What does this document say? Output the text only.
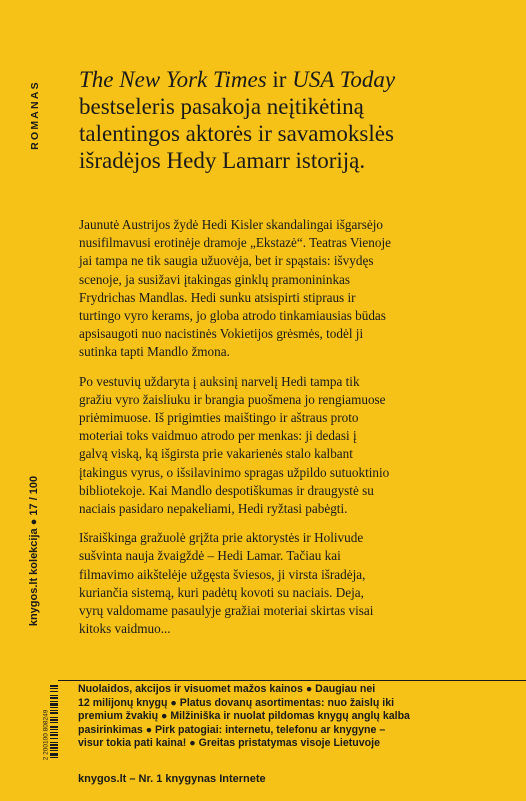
ROMANAS
knygos.lt kolekcija ● 17 / 100
The New York Times ir USA Today
bestseleris pasakoja neįtikėtiną
talentingos aktorės ir savamokslės
išradėjos Hedy Lamarr istoriją.

Jaunutė Austrijos žydė Hedi Kisler skandalingai išgarsėjo
nusifilmavusi erotinėje dramoje „Ekstazė“. Teatras Vienoje
jai tampa ne tik saugia užuovėja, bet ir spąstais: išvydęs
scenoje, ja susižavi įtakingas ginklų pramonininkas
Frydrichas Mandlas. Hedi sunku atsispirti stipraus ir
turtingo vyro kerams, jo globa atrodo tinkamiausias būdas
apsisaugoti nuo nacistinės Vokietijos grėsmės, todėl ji
sutinka tapti Mandlo žmona.

Po vestuvių uždaryta į auksinį narvelį Hedi tampa tik
gražiu vyro žaisliuku ir brangia puošmena jo rengiamuose
priėmimuose. Iš prigimties maištingo ir aštraus proto
moteriai toks vaidmuo atrodo per menkas: ji dedasi į
galvą viską, ką išgirsta prie vakarienės stalo kalbant
įtakingus vyrus, o išsilavinimo spragas užpildo sutuoktinio
bibliotekoje. Kai Mandlo despotiškumas ir draugystė su
naciais pasidaro nepakeliami, Hedi ryžtasi pabėgti.

Išraiškinga gražuolė grįžta prie aktorystės ir Holivude
sušvinta nauja žvaigždė – Hedi Lamar. Tačiau kai
filmavimo aikštelėje užgęsta šviesos, ji virsta išradėja,
kuriančia sistemą, kuri padėtų kovoti su naciais. Deja,
vyrų valdomame pasaulyje gražiai moteriai skirtas visai
kitoks vaidmuo...

2 200100 808249
Nuolaidos, akcijos ir visuomet mažos kainos ● Daugiau nei
12 milijonų knygų ● Platus dovanų asortimentas: nuo žaislų iki
premium žvakių ● Milžiniška ir nuolat pildomas knygų anglų kalba
pasirinkimas ● Pirk patogiai: internetu, telefonu ar knygyne –
visur tokia pati kaina! ● Greitas pristatymas visoje Lietuvoje
knygos.lt – Nr. 1 knygynas Internete
